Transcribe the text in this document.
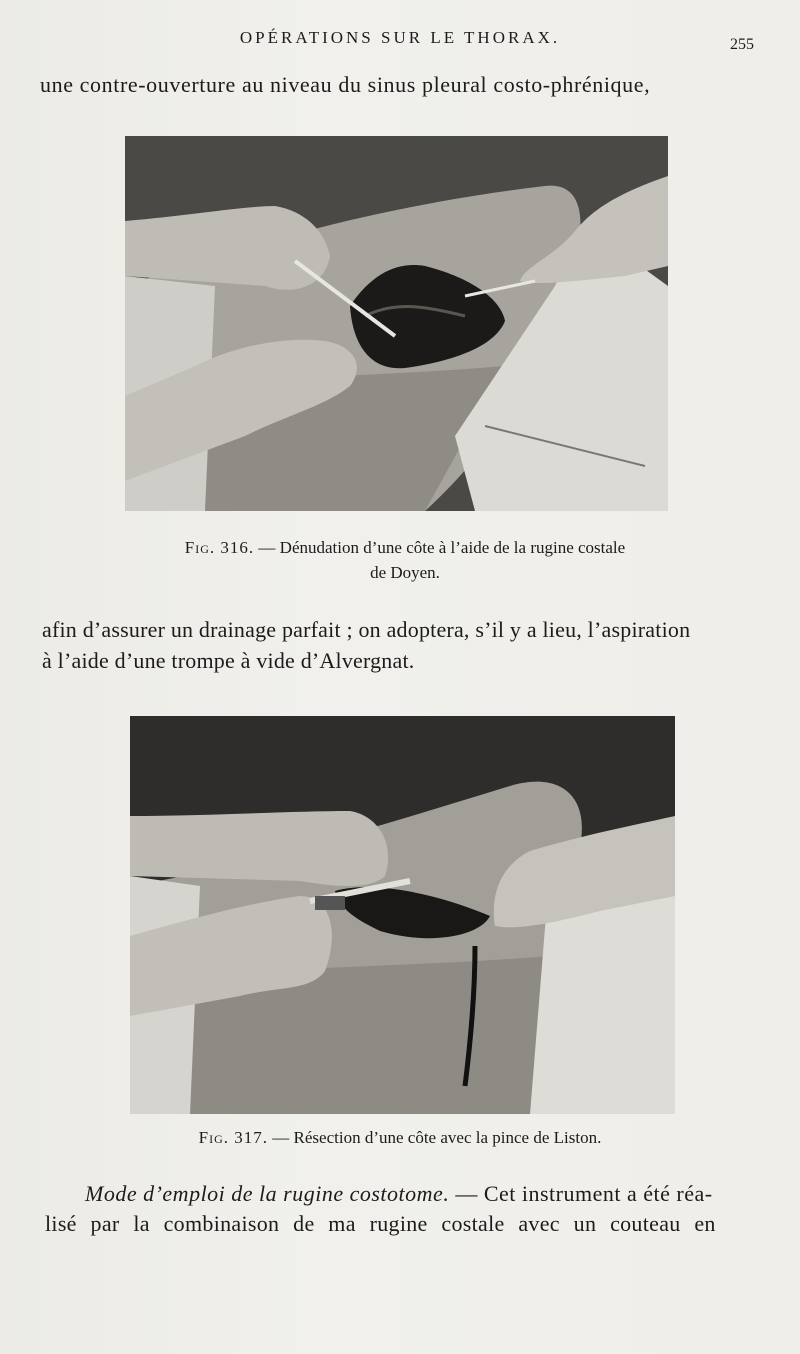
OPÉRATIONS SUR LE THORAX.	255
une contre-ouverture au niveau du sinus pleural costo-phrénique,
Fig. 316. — Dénudation d’une côte à l’aide de la rugine costale
de Doyen.
afin d’assurer un drainage parfait ; on adoptera, s’il y a lieu, l’aspiration
à l’aide d’une trompe à vide d’Alvergnat.
Fig. 317. — Résection d’une côte avec la pince de Liston.
Mode d’emploi de la rugine costotome. — Cet instrument a été réa-
lisé par la combinaison de ma rugine costale avec un couteau en
